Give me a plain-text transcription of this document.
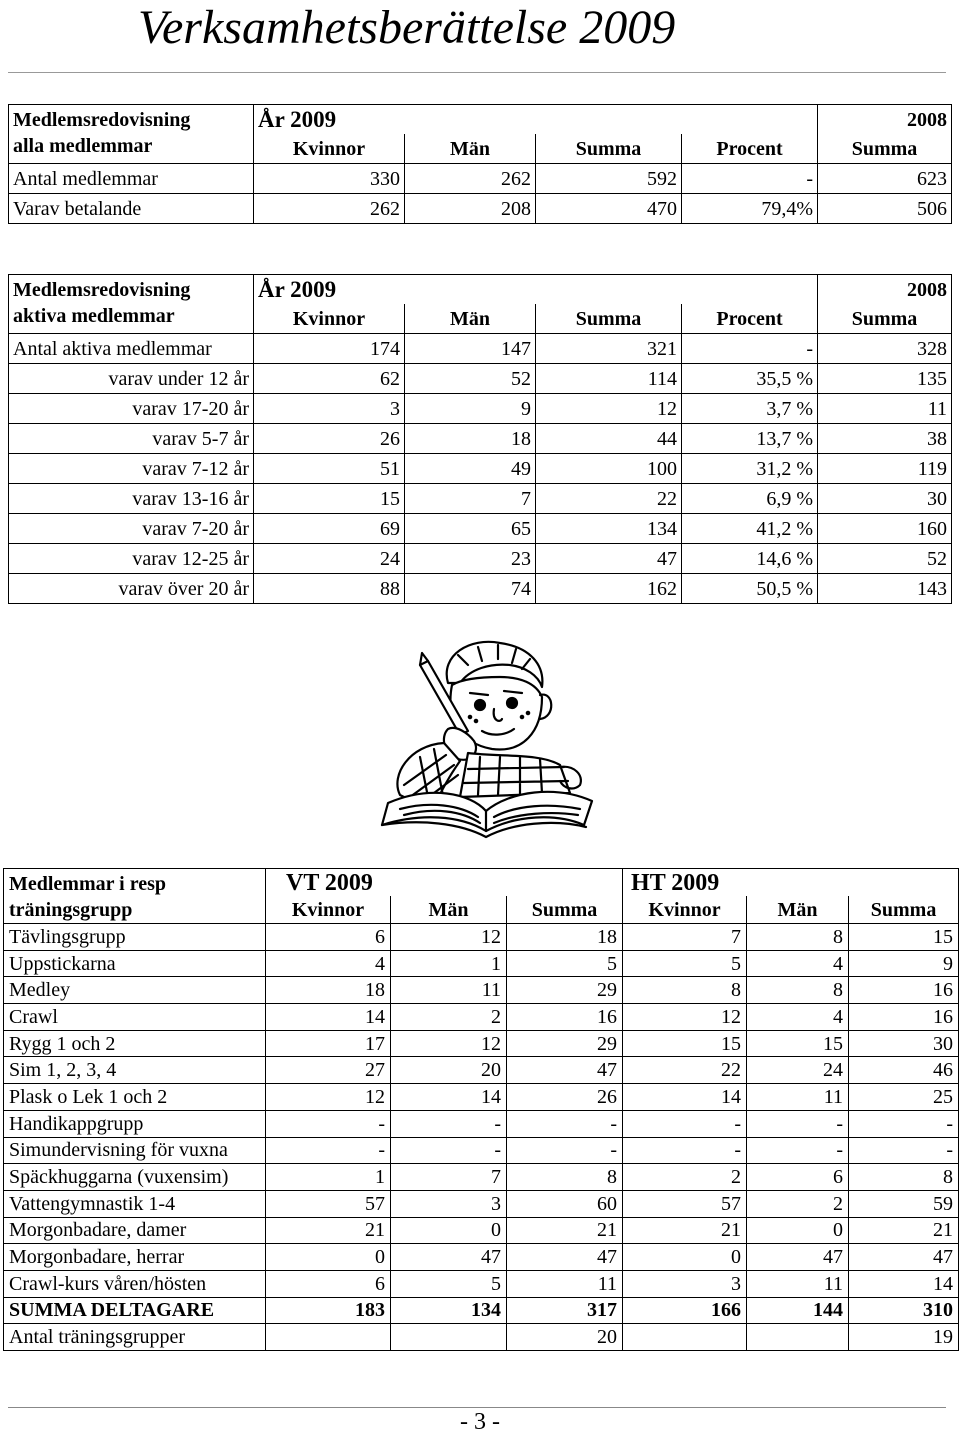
Verksamhetsberättelse 2009
Medlemsredovisning
alla medlemmar	År 2009				2008
	Kvinnor	Män	Summa	Procent	Summa
Antal medlemmar	330	262	592	-	623
Varav betalande	262	208	470	79,4%	506
Medlemsredovisning
aktiva medlemmar	År 2009				2008
	Kvinnor	Män	Summa	Procent	Summa
Antal aktiva medlemmar	174	147	321	-	328
varav under 12 år	62	52	114	35,5 %	135
varav 17-20 år	3	9	12	3,7 %	11
varav 5-7 år	26	18	44	13,7 %	38
varav 7-12 år	51	49	100	31,2 %	119
varav 13-16 år	15	7	22	6,9 %	30
varav 7-20 år	69	65	134	41,2 %	160
varav 12-25 år	24	23	47	14,6 %	52
varav över 20 år	88	74	162	50,5 %	143
Medlemmar i resp
träningsgrupp	VT 2009			HT 2009		
	Kvinnor	Män	Summa	Kvinnor	Män	Summa
Tävlingsgrupp	6	12	18	7	8	15
Uppstickarna	4	1	5	5	4	9
Medley	18	11	29	8	8	16
Crawl	14	2	16	12	4	16
Rygg 1 och 2	17	12	29	15	15	30
Sim 1, 2, 3, 4	27	20	47	22	24	46
Plask o Lek 1 och 2	12	14	26	14	11	25
Handikappgrupp	-	-	-	-	-	-
Simundervisning för vuxna	-	-	-	-	-	-
Späckhuggarna (vuxensim)	1	7	8	2	6	8
Vattengymnastik 1-4	57	3	60	57	2	59
Morgonbadare, damer	21	0	21	21	0	21
Morgonbadare, herrar	0	47	47	0	47	47
Crawl-kurs våren/hösten	6	5	11	3	11	14
SUMMA DELTAGARE	183	134	317	166	144	310
Antal träningsgrupper			20			19
- 3 -
